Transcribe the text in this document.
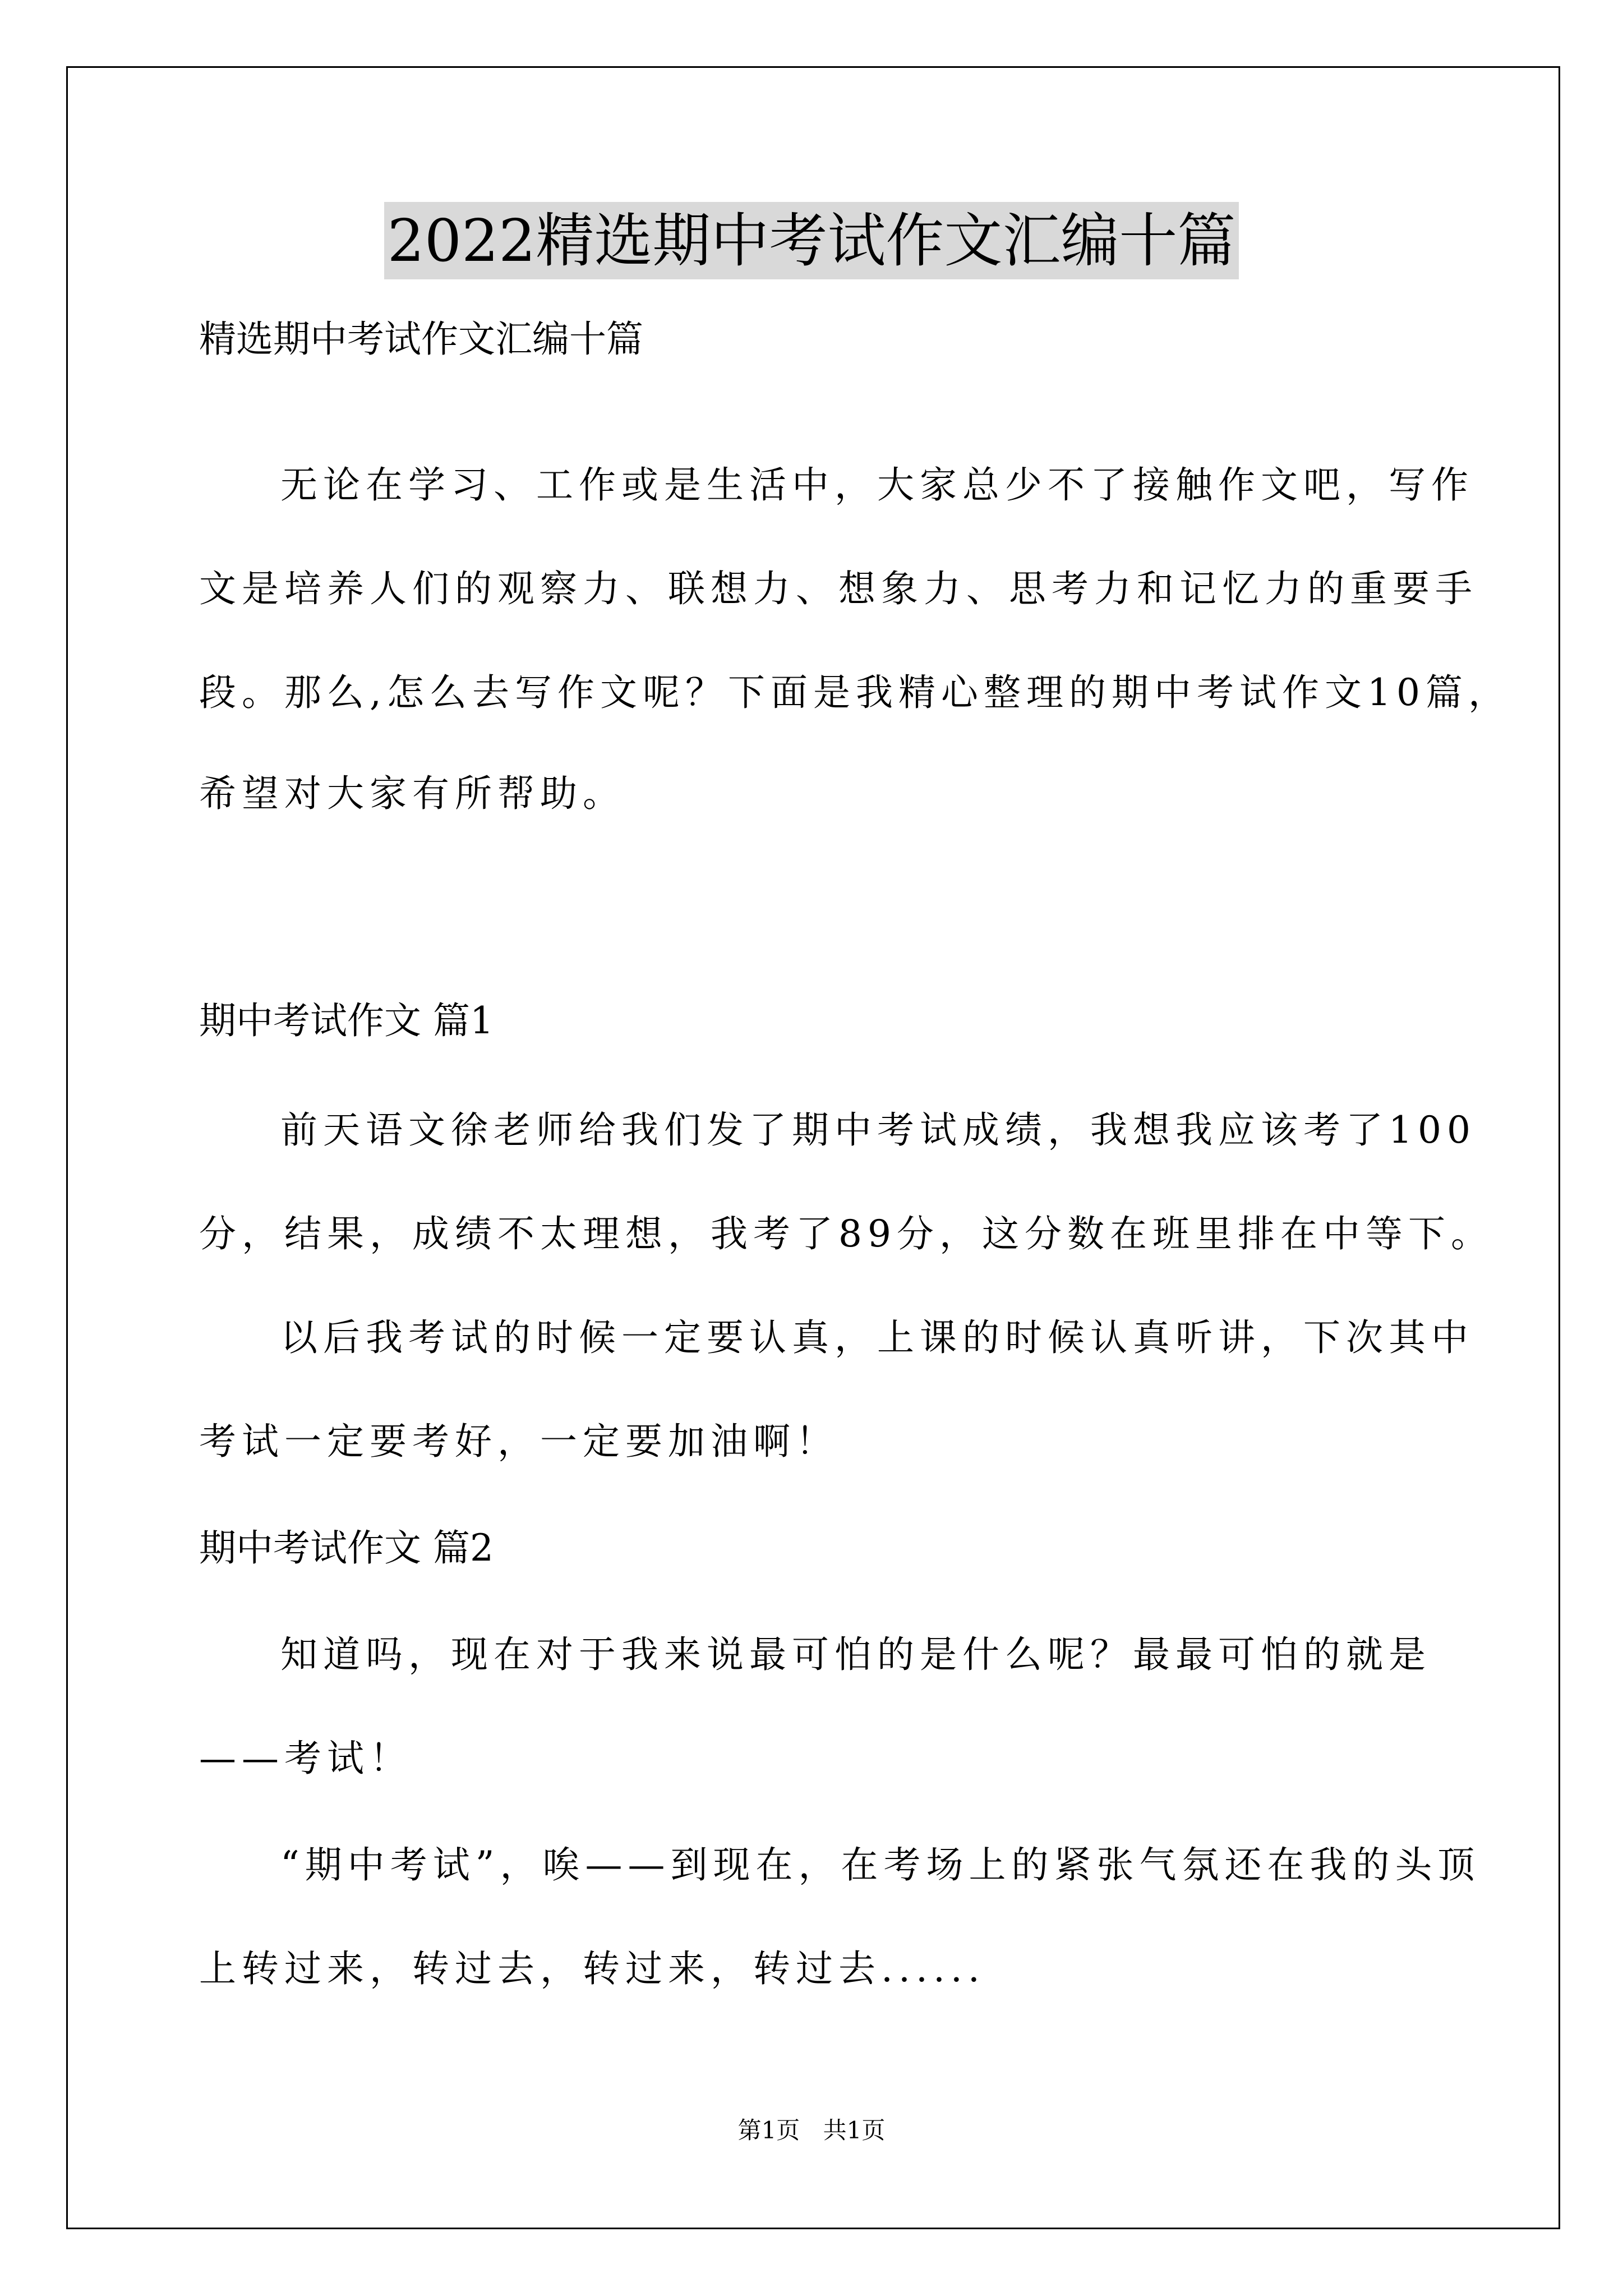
2022精选期中考试作文汇编十篇
精选期中考试作文汇编十篇
无论在学习、工作或是生活中，大家总少不了接触作文吧，写作
文是培养人们的观察力、联想力、想象力、思考力和记忆力的重要手
段。那么,怎么去写作文呢？下面是我精心整理的期中考试作文10篇，
希望对大家有所帮助。
期中考试作文 篇1
前天语文徐老师给我们发了期中考试成绩，我想我应该考了100
分，结果，成绩不太理想，我考了89分，这分数在班里排在中等下。
以后我考试的时候一定要认真，上课的时候认真听讲，下次其中
考试一定要考好，一定要加油啊！
期中考试作文 篇2
知道吗，现在对于我来说最可怕的是什么呢？最最可怕的就是
——考试！
“期中考试”，唉——到现在，在考场上的紧张气氛还在我的头顶
上转过来，转过去，转过来，转过去......
第1页 共1页
